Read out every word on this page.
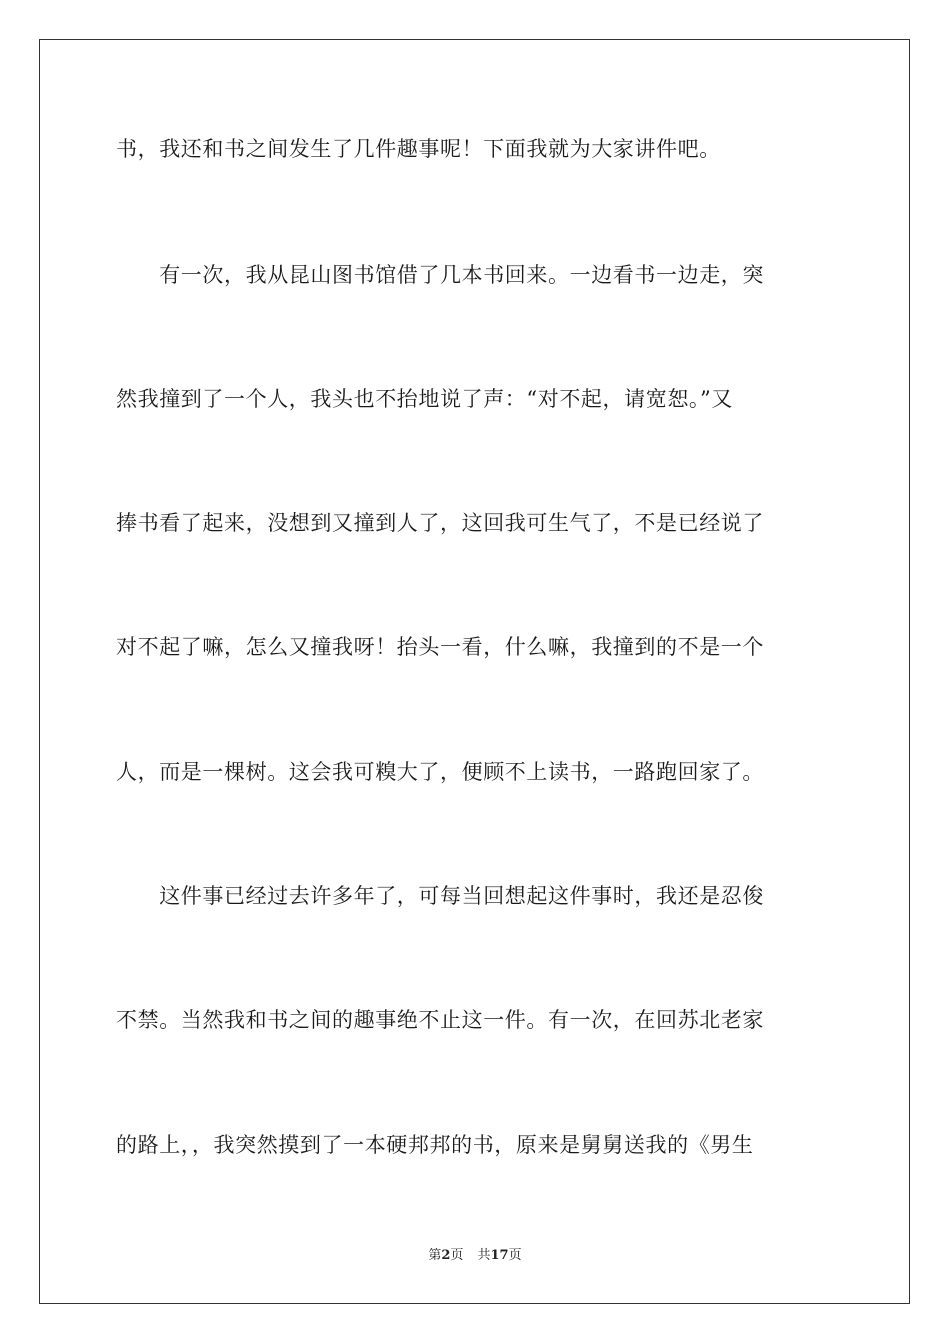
书，我还和书之间发生了几件趣事呢！下面我就为大家讲件吧。
　　有一次，我从昆山图书馆借了几本书回来。一边看书一边走，突
然我撞到了一个人，我头也不抬地说了声：“对不起，请宽恕。”又
捧书看了起来，没想到又撞到人了，这回我可生气了，不是已经说了
对不起了嘛，怎么又撞我呀！抬头一看，什么嘛，我撞到的不是一个
人，而是一棵树。这会我可糗大了，便顾不上读书，一路跑回家了。
　　这件事已经过去许多年了，可每当回想起这件事时，我还是忍俊
不禁。当然我和书之间的趣事绝不止这一件。有一次，在回苏北老家
的路上，，我突然摸到了一本硬邦邦的书，原来是舅舅送我的《男生
第2页 共17页
